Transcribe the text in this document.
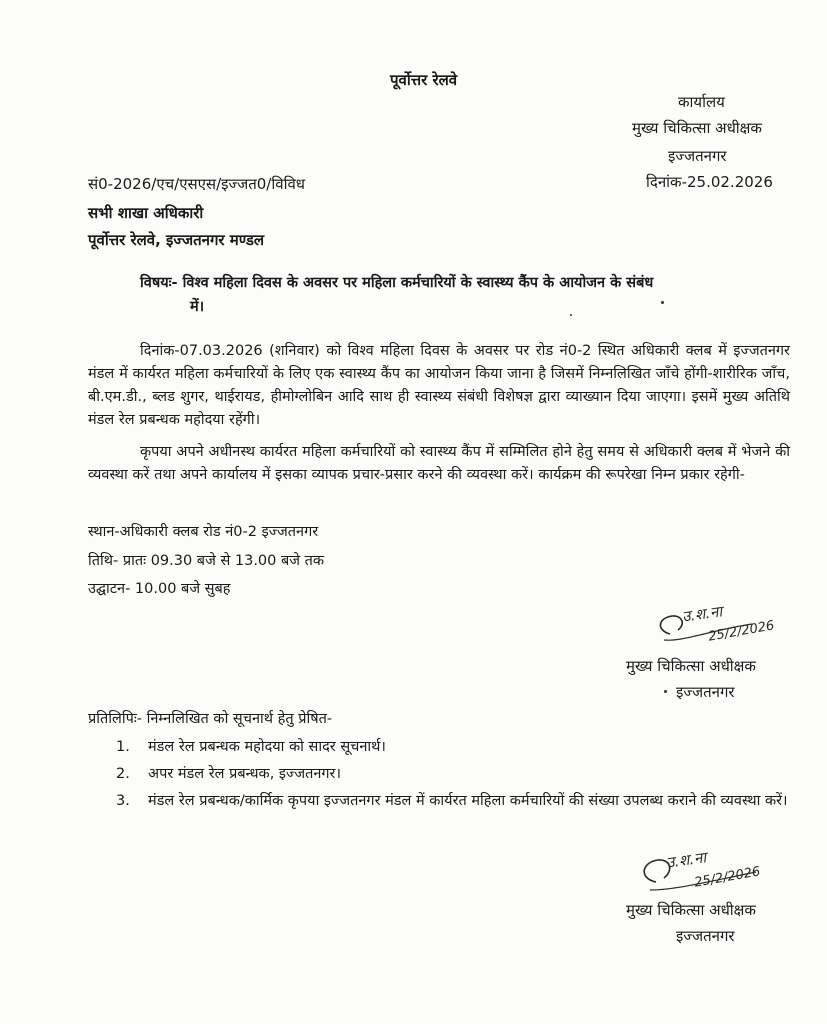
पूर्वोत्तर रेलवे
कार्यालय
मुख्य चिकित्सा अधीक्षक
इज्जतनगर
सं0-2026/एच/एसएस/इज्जत0/विविध	दिनांक-25.02.2026
सभी शाखा अधिकारी
पूर्वोत्तर रेलवे, इज्जतनगर मण्डल
विषयः- विश्व महिला दिवस के अवसर पर महिला कर्मचारियों के स्वास्थ्य कैंप के आयोजन के संबंध
में।
दिनांक-07.03.2026 (शनिवार) को विश्व महिला दिवस के अवसर पर रोड नं0-2 स्थित अधिकारी क्लब में इज्जतनगर मंडल में कार्यरत महिला कर्मचारियों के लिए एक स्वास्थ्य कैंप का आयोजन किया जाना है जिसमें निम्नलिखित जाँचे होंगी-शारीरिक जाँच, बी.एम.डी., ब्लड शुगर, थाईरायड, हीमोग्लोबिन आदि साथ ही स्वास्थ्य संबंधी विशेषज्ञ द्वारा व्याख्यान दिया जाएगा। इसमें मुख्य अतिथि मंडल रेल प्रबन्धक महोदया रहेंगी।
कृपया अपने अधीनस्थ कार्यरत महिला कर्मचारियों को स्वास्थ्य कैंप में सम्मिलित होने हेतु समय से अधिकारी क्लब में भेजने की व्यवस्था करें तथा अपने कार्यालय में इसका व्यापक प्रचार-प्रसार करने की व्यवस्था करें। कार्यक्रम की रूपरेखा निम्न प्रकार रहेगी-
स्थान-अधिकारी क्लब रोड नं0-2 इज्जतनगर
तिथि- प्रातः 09.30 बजे से 13.00 बजे तक
उद्घाटन- 10.00 बजे सुबह
उ.श.ना
25/2/2026
मुख्य चिकित्सा अधीक्षक
इज्जतनगर
प्रतिलिपिः- निम्नलिखित को सूचनार्थ हेतु प्रेषित-
1. मंडल रेल प्रबन्धक महोदया को सादर सूचनार्थ।
2. अपर मंडल रेल प्रबन्धक, इज्जतनगर।
3. मंडल रेल प्रबन्धक/कार्मिक कृपया इज्जतनगर मंडल में कार्यरत महिला कर्मचारियों की संख्या उपलब्ध कराने की व्यवस्था करें।
उ.श.ना
25/2/2026
मुख्य चिकित्सा अधीक्षक
इज्जतनगर
